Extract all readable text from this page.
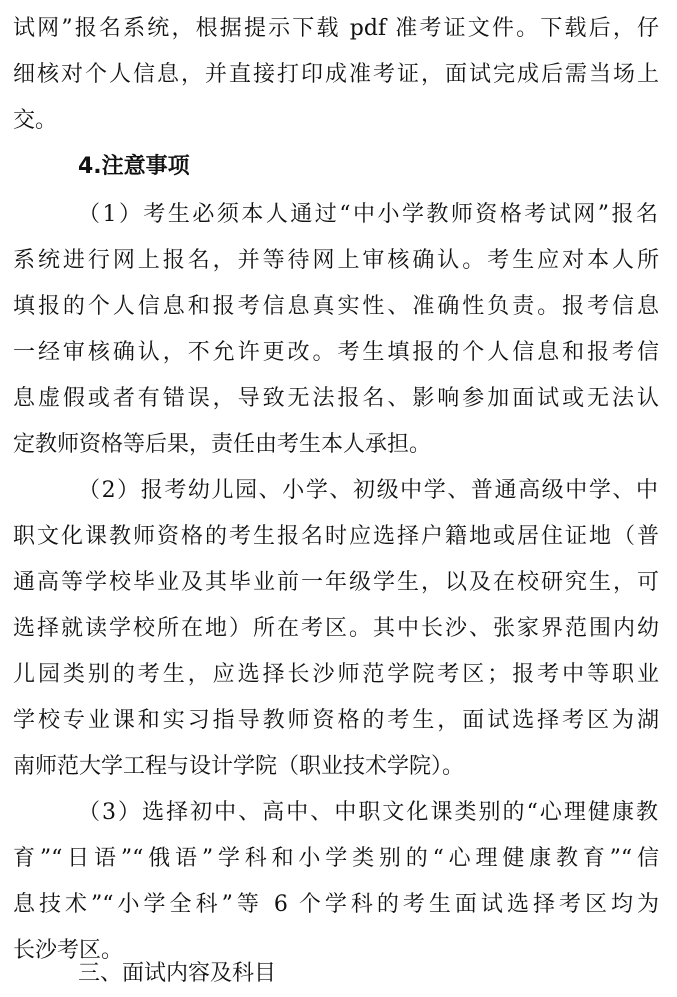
试网”报名系统，根据提示下载 pdf 准考证文件。下载后，仔
细核对个人信息，并直接打印成准考证，面试完成后需当场上
交。
4.注意事项
（1）考生必须本人通过“中小学教师资格考试网”报名
系统进行网上报名，并等待网上审核确认。考生应对本人所
填报的个人信息和报考信息真实性、准确性负责。报考信息
一经审核确认，不允许更改。考生填报的个人信息和报考信
息虚假或者有错误，导致无法报名、影响参加面试或无法认
定教师资格等后果，责任由考生本人承担。
（2）报考幼儿园、小学、初级中学、普通高级中学、中
职文化课教师资格的考生报名时应选择户籍地或居住证地（普
通高等学校毕业及其毕业前一年级学生，以及在校研究生，可
选择就读学校所在地）所在考区。其中长沙、张家界范围内幼
儿园类别的考生，应选择长沙师范学院考区；报考中等职业
学校专业课和实习指导教师资格的考生，面试选择考区为湖
南师范大学工程与设计学院（职业技术学院）。
（3）选择初中、高中、中职文化课类别的“心理健康教
育”“日语”“俄语”学科和小学类别的“心理健康教育”“信
息技术”“小学全科”等 6 个学科的考生面试选择考区均为
长沙考区。
三、面试内容及科目
